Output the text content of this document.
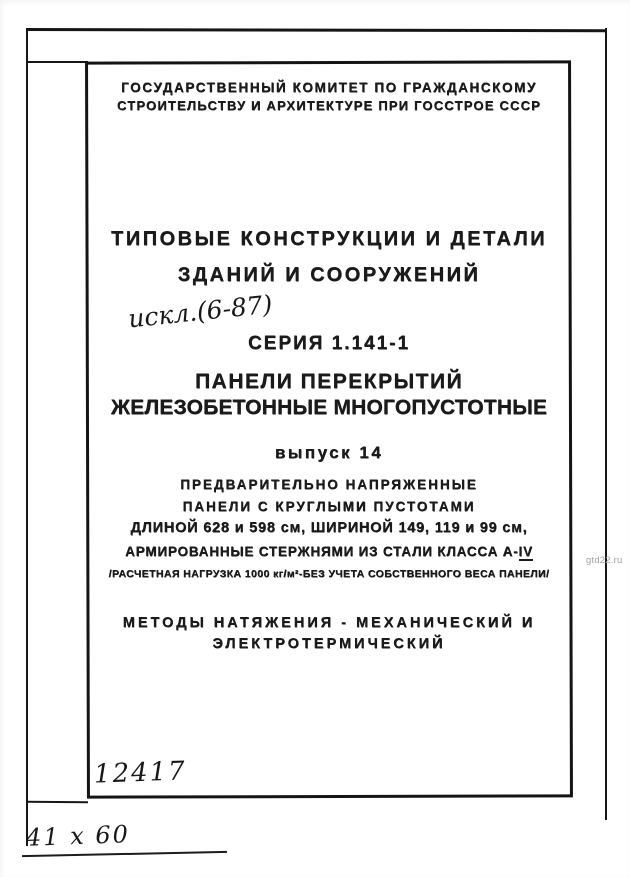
ГОСУДАРСТВЕННЫЙ КОМИТЕТ ПО ГРАЖДАНСКОМУ
СТРОИТЕЛЬСТВУ И АРХИТЕКТУРЕ ПРИ ГОССТРОЕ СССР
ТИПОВЫЕ КОНСТРУКЦИИ И ДЕТАЛИ
ЗДАНИЙ И СООРУЖЕНИЙ
искл.(6-87)
СЕРИЯ 1.141-1
ПАНЕЛИ ПЕРЕКРЫТИЙ
ЖЕЛЕЗОБЕТОННЫЕ МНОГОПУСТОТНЫЕ
выпуск 14
ПРЕДВАРИТЕЛЬНО НАПРЯЖЕННЫЕ
ПАНЕЛИ С КРУГЛЫМИ ПУСТОТАМИ
ДЛИНОЙ 628 и 598 см, ШИРИНОЙ 149, 119 и 99 см,
АРМИРОВАННЫЕ СТЕРЖНЯМИ ИЗ СТАЛИ КЛАССА А-IV
/РАСЧЕТНАЯ НАГРУЗКА 1000 кг/м²-БЕЗ УЧЕТА СОБСТВЕННОГО ВЕСА ПАНЕЛИ/
МЕТОДЫ НАТЯЖЕНИЯ - МЕХАНИЧЕСКИЙ И
ЭЛЕКТРОТЕРМИЧЕСКИЙ
12417
41 х 60
gtd22.ru
